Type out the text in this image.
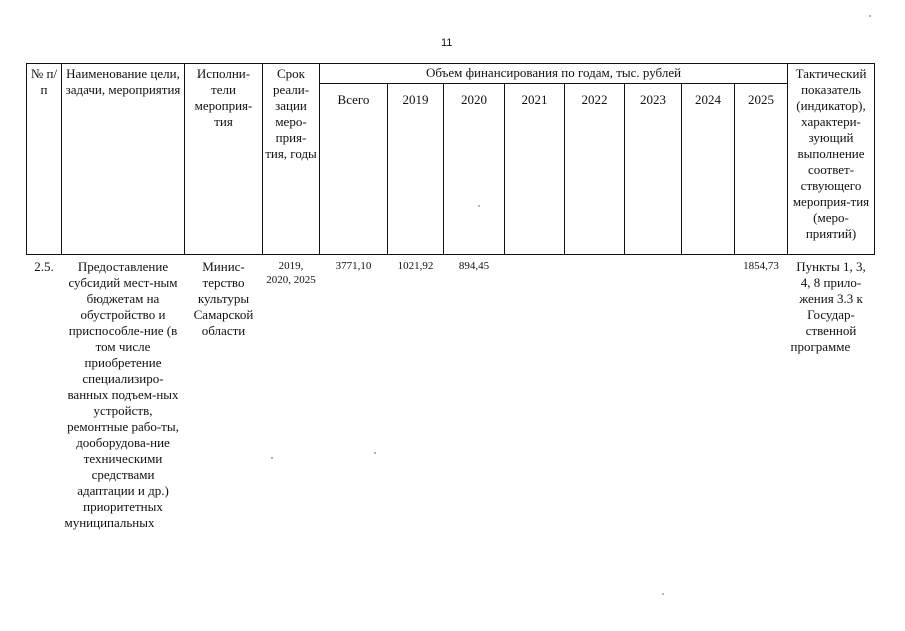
11
№ п/п	Наименование цели, задачи, мероприятия	Исполни-тели мероприя-тия	Срок реали-зации меро-прия-тия, годы	Объем финансирования по годам, тыс. рублей								Тактический показатель (индикатор), характери-зующий выполнение соответ-ствующего мероприя-тия (меро-приятий)
				Всего	2019	2020	2021	2022	2023	2024	2025	
2.5.	Предоставление субсидий мест-ным бюджетам на обустройство и приспособле-ние (в том числе приобретение специализиро-ванных подъем-ных устройств, ремонтные рабо-ты, дооборудова-ние техническими средствами адаптации и др.) приоритетных муниципальных	Минис-терство культуры Самарской области	2019, 2020, 2025	3771,10	1021,92	894,45					1854,73	Пункты 1, 3, 4, 8 прило-жения 3.3 к Государ-ственной программе
